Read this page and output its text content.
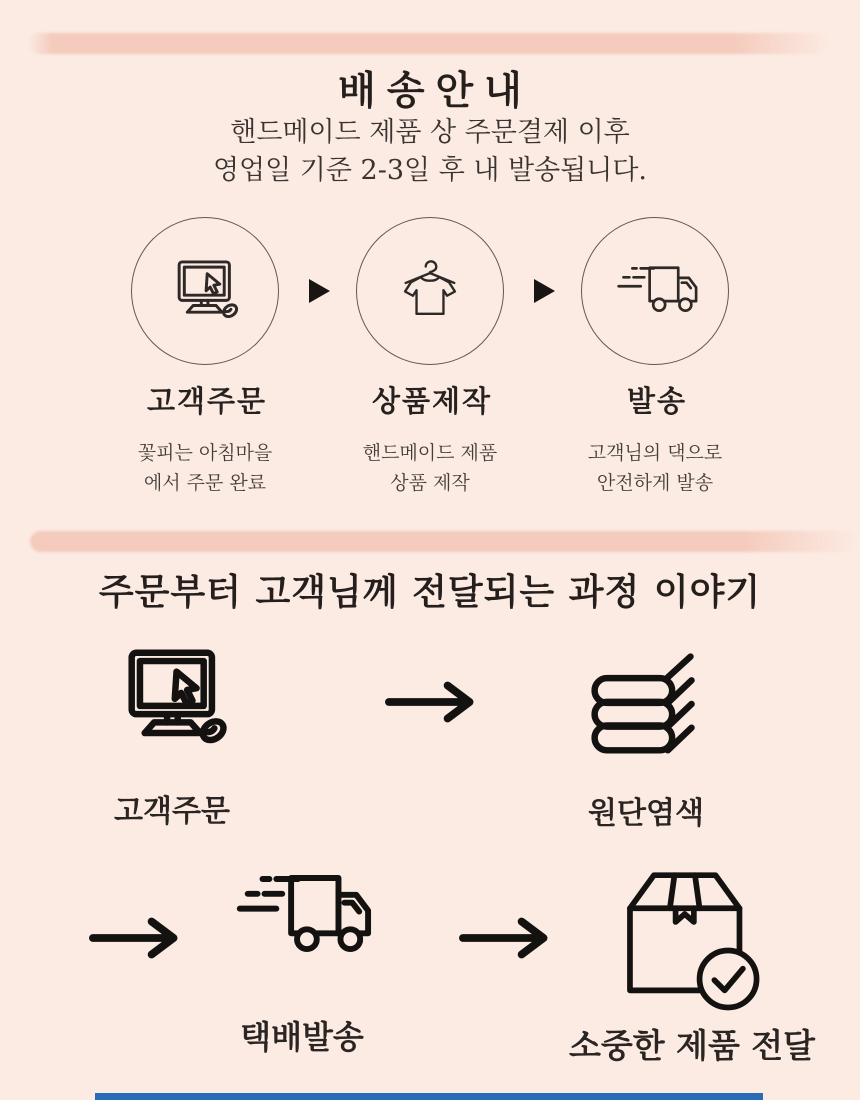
배송안내
핸드메이드 제품 상 주문결제 이후
영업일 기준 2-3일 후 내 발송됩니다.
고객주문	상품제작	발송
꽃피는 아침마을
에서 주문 완료
핸드메이드 제품
상품 제작
고객님의 댁으로
안전하게 발송
주문부터 고객님께 전달되는 과정 이야기
고객주문	원단염색
택배발송	소중한 제품 전달
